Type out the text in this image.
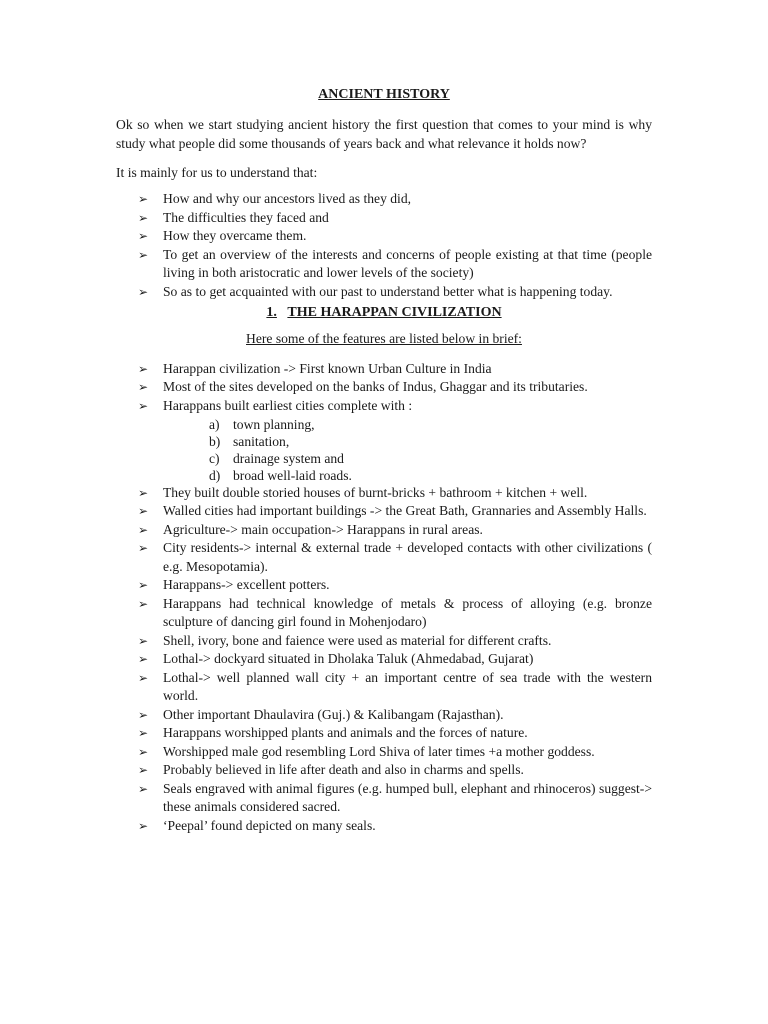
ANCIENT HISTORY

Ok so when we start studying ancient history the first question that comes to your mind is why study what people did some thousands of years back and what relevance it holds now?

It is mainly for us to understand that:

➢ How and why our ancestors lived as they did,
➢ The difficulties they faced and
➢ How they overcame them.
➢ To get an overview of the interests and concerns of people existing at that time (people living in both aristocratic and lower levels of the society)
➢ So as to get acquainted with our past to understand better what is happening today.
1. THE HARAPPAN CIVILIZATION
Here some of the features are listed below in brief:
➢ Harappan civilization -> First known Urban Culture in India
➢ Most of the sites developed on the banks of Indus, Ghaggar and its tributaries.
➢ Harappans built earliest cities complete with :
a) town planning,
b) sanitation,
c) drainage system and
d) broad well-laid roads.
➢ They built double storied houses of burnt-bricks + bathroom + kitchen + well.
➢ Walled cities had important buildings -> the Great Bath, Grannaries and Assembly Halls.
➢ Agriculture-> main occupation-> Harappans in rural areas.
➢ City residents-> internal & external trade + developed contacts with other civilizations ( e.g. Mesopotamia).
➢ Harappans-> excellent potters.
➢ Harappans had technical knowledge of metals & process of alloying (e.g. bronze sculpture of dancing girl found in Mohenjodaro)
➢ Shell, ivory, bone and faience were used as material for different crafts.
➢ Lothal-> dockyard situated in Dholaka Taluk (Ahmedabad, Gujarat)
➢ Lothal-> well planned wall city + an important centre of sea trade with the western world.
➢ Other important Dhaulavira (Guj.) & Kalibangam (Rajasthan).
➢ Harappans worshipped plants and animals and the forces of nature.
➢ Worshipped male god resembling Lord Shiva of later times +a mother goddess.
➢ Probably believed in life after death and also in charms and spells.
➢ Seals engraved with animal figures (e.g. humped bull, elephant and rhinoceros) suggest-> these animals considered sacred.
➢ ‘Peepal’ found depicted on many seals.
